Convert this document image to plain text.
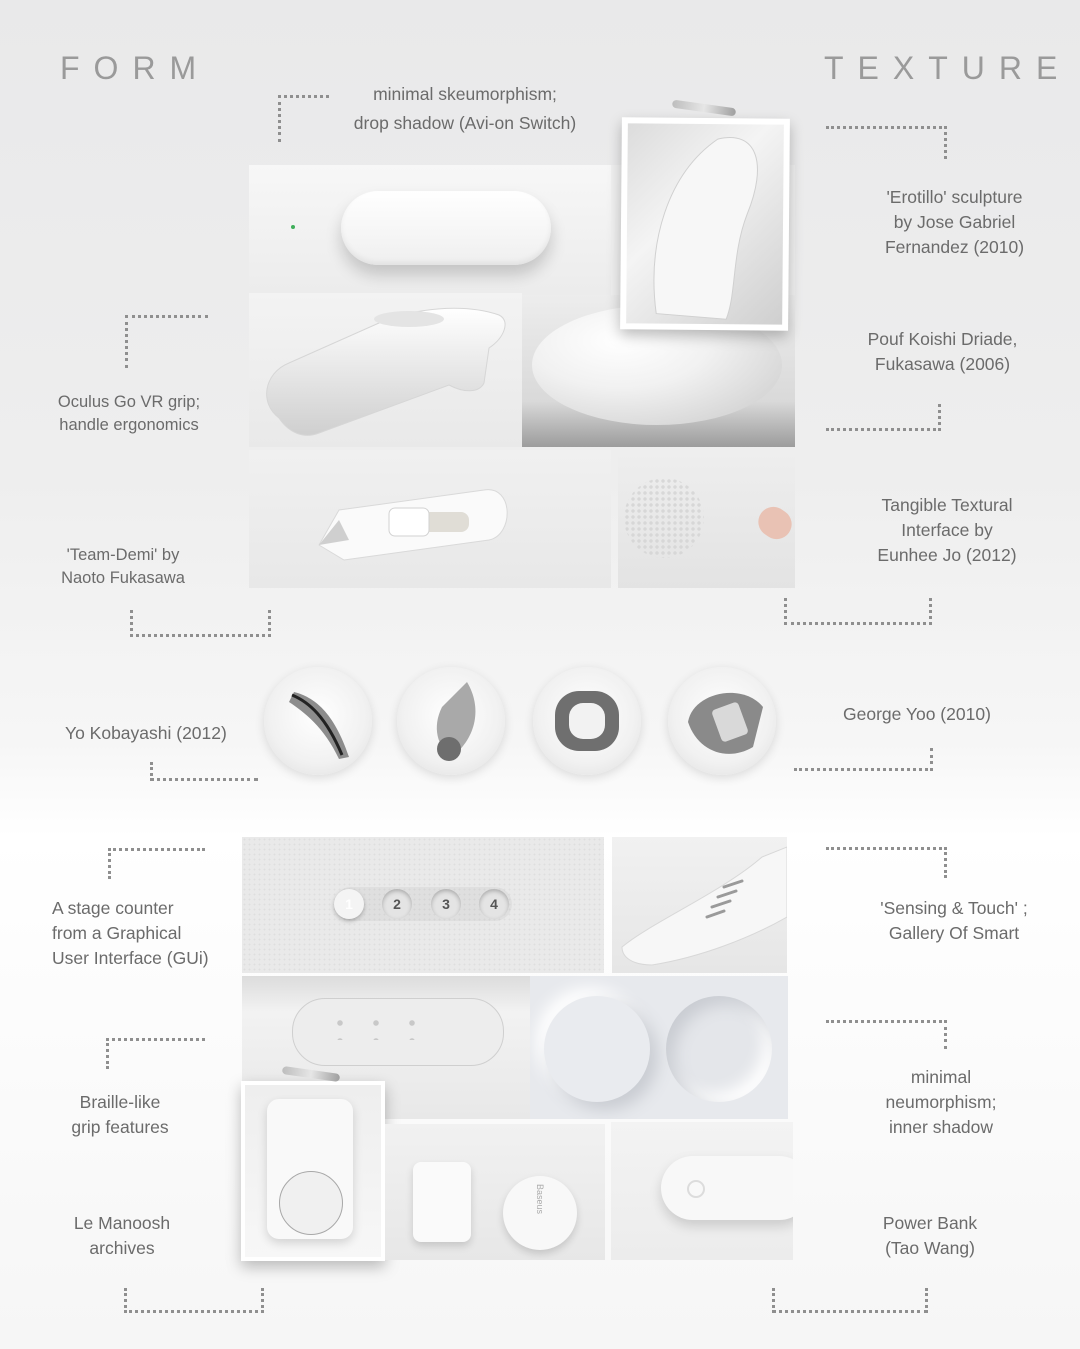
FORM	TEXTURE
minimal skeumorphism;
drop shadow (Avi-on Switch)
'Erotillo' sculpture
by Jose Gabriel
Fernandez (2010)
Pouf Koishi Driade,
Fukasawa (2006)
Oculus Go VR grip;
handle ergonomics
Tangible Textural
Interface by
Eunhee Jo (2012)
'Team-Demi' by
Naoto Fukasawa
Yo Kobayashi (2012)
George Yoo (2010)
A stage counter
from a Graphical
User Interface (GUi)
'Sensing & Touch' ;
Gallery Of Smart
Braille-like
grip features
minimal
neumorphism;
inner shadow
Le Manoosh
archives
Power Bank
(Tao Wang)
1	2	3	4
Baseus
